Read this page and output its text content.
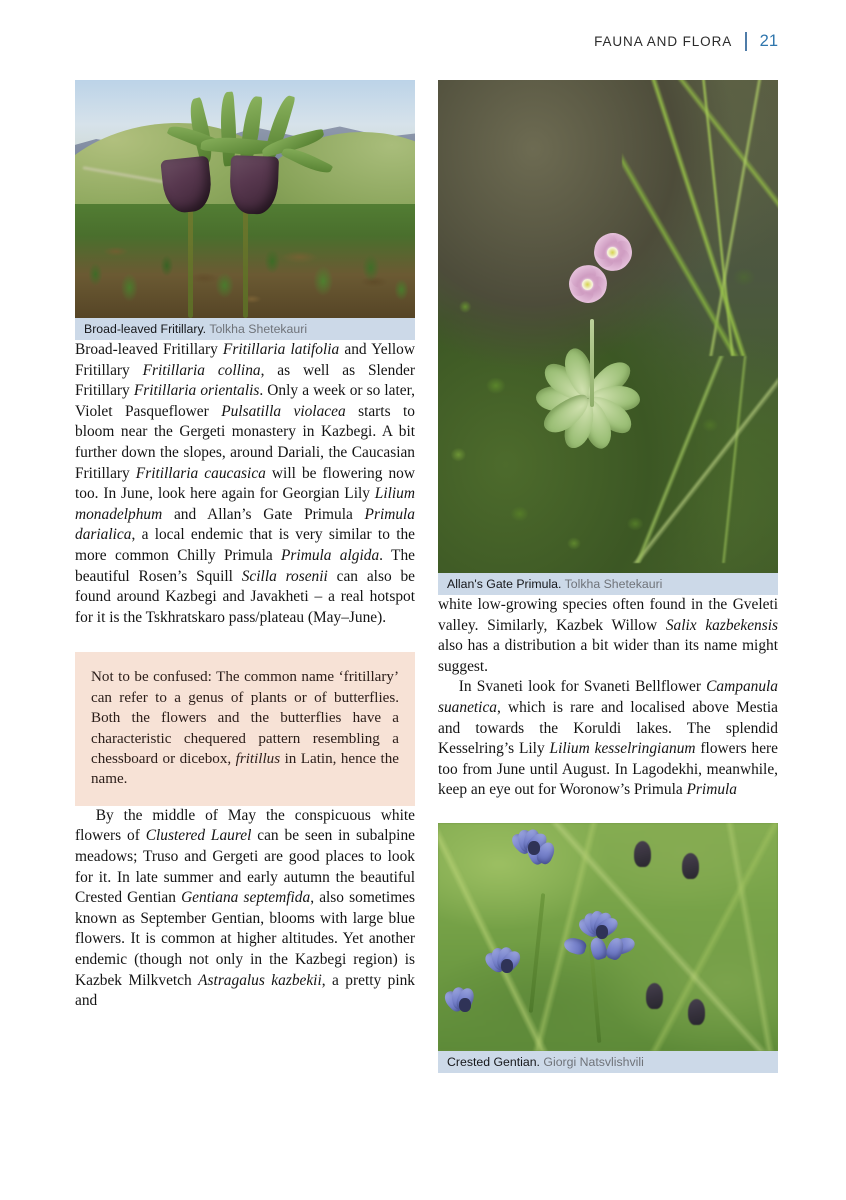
FAUNA AND FLORA 21
Broad-leaved Fritillary. Tolkha Shetekauri

Broad-leaved Fritillary Fritillaria latifolia and Yellow Fritillary Fritillaria collina, as well as Slender Fritillary Fritillaria orientalis. Only a week or so later, Violet Pasqueflower Pulsatilla violacea starts to bloom near the Gergeti monastery in Kazbegi. A bit further down the slopes, around Dariali, the Caucasian Fritillary Fritillaria caucasica will be flowering now too. In June, look here again for Georgian Lily Lilium monadelphum and Allan’s Gate Primula Primula darialica, a local endemic that is very similar to the more common Chilly Primula Primula algida. The beautiful Rosen’s Squill Scilla rosenii can also be found around Kazbegi and Javakheti – a real hotspot for it is the Tskhratskaro pass/plateau (May–June).

Not to be confused: The common name ‘fritillary’ can refer to a genus of plants or of butterflies. Both the flowers and the butterflies have a characteristic chequered pattern resembling a chessboard or dicebox, fritillus in Latin, hence the name.

By the middle of May the conspicuous white flowers of Clustered Laurel can be seen in subalpine meadows; Truso and Gergeti are good places to look for it. In late summer and early autumn the beautiful Crested Gentian Gentiana septemfida, also sometimes known as September Gentian, blooms with large blue flowers. It is common at higher altitudes. Yet another endemic (though not only in the Kazbegi region) is Kazbek Milkvetch Astragalus kazbekii, a pretty pink and

Allan's Gate Primula. Tolkha Shetekauri

white low-growing species often found in the Gveleti valley. Similarly, Kazbek Willow Salix kazbekensis also has a distribution a bit wider than its name might suggest.

In Svaneti look for Svaneti Bellflower Campanula suanetica, which is rare and localised above Mestia and towards the Koruldi lakes. The splendid Kesselring’s Lily Lilium kesselringianum flowers here too from June until August. In Lagodekhi, meanwhile, keep an eye out for Woronow’s Primula Primula

Crested Gentian. Giorgi Natsvlishvili
